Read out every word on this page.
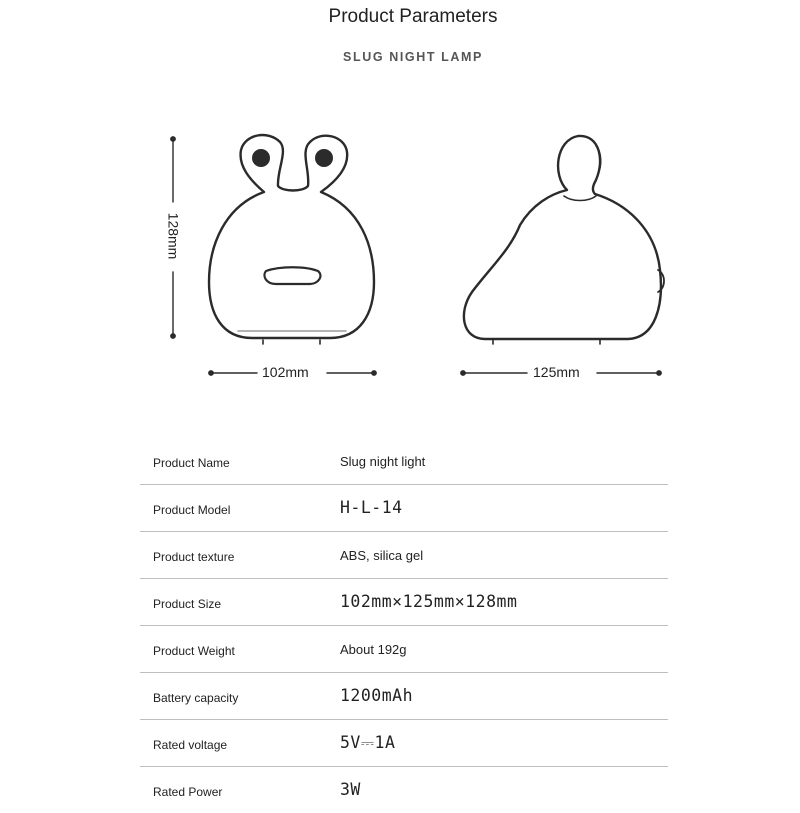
Product Parameters
SLUG NIGHT LAMP
128mm
102mm	125mm
Product Name	Slug night light
Product Model	H-L-14
Product texture	ABS, silica gel
Product Size	102mm×125mm×128mm
Product Weight	About 192g
Battery capacity	1200mAh
Rated voltage	5V⎓1A
Rated Power	3W
